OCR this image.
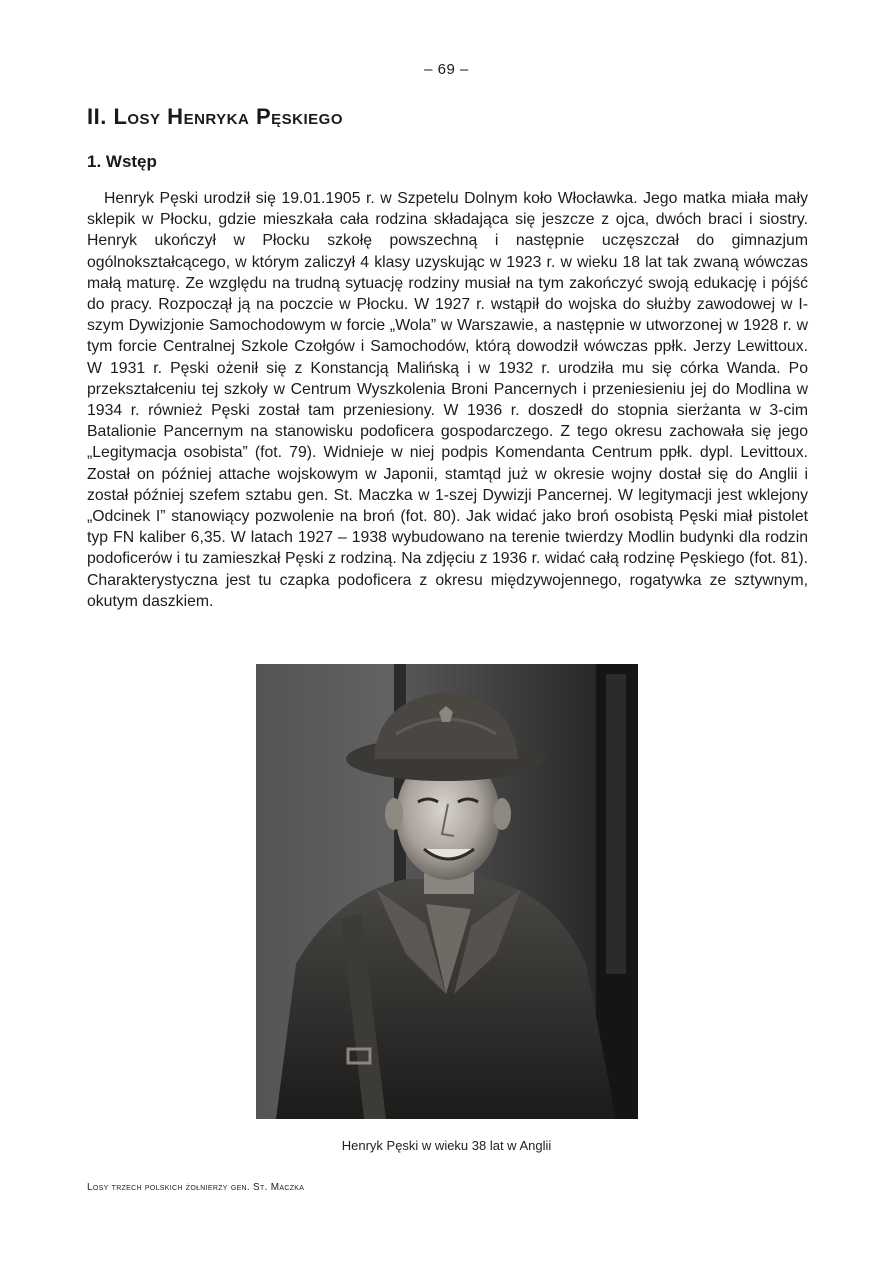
– 69 –
II. Losy Henryka Pęskiego
1. Wstęp

Henryk Pęski urodził się 19.01.1905 r. w Szpetelu Dolnym koło Włocławka. Jego matka miała mały sklepik w Płocku, gdzie mieszkała cała rodzina składająca się jeszcze z ojca, dwóch braci i siostry. Henryk ukończył w Płocku szkołę powszechną i następnie uczęszczał do gimnazjum ogólnokształcącego, w którym zaliczył 4 klasy uzyskując w 1923 r. w wieku 18 lat tak zwaną wówczas małą maturę. Ze względu na trudną sytuację rodziny musiał na tym zakończyć swoją edukację i pójść do pracy. Rozpoczął ją na poczcie w Płocku. W 1927 r. wstąpił do wojska do służby zawodowej w I-szym Dywizjonie Samochodowym w forcie „Wola” w Warszawie, a następnie w utworzonej w 1928 r. w tym forcie Centralnej Szkole Czołgów i Samochodów, którą dowodził wówczas ppłk. Jerzy Lewittoux. W 1931 r. Pęski ożenił się z Konstancją Malińską i w 1932 r. urodziła mu się córka Wanda. Po przekształceniu tej szkoły w Centrum Wyszkolenia Broni Pancernych i przeniesieniu jej do Modlina w 1934 r. również Pęski został tam przeniesiony. W 1936 r. doszedł do stopnia sierżanta w 3-cim Batalionie Pancernym na stanowisku podoficera gospodarczego. Z tego okresu zachowała się jego „Legitymacja osobista” (fot. 79). Widnieje w niej podpis Komendanta Centrum ppłk. dypl. Levittoux. Został on później attache wojskowym w Japonii, stamtąd już w okresie wojny dostał się do Anglii i został później szefem sztabu gen. St. Maczka w 1-szej Dywizji Pancernej. W legitymacji jest wklejony „Odcinek I” stanowiący pozwolenie na broń (fot. 80). Jak widać jako broń osobistą Pęski miał pistolet typ FN kaliber 6,35. W latach 1927 – 1938 wybudowano na terenie twierdzy Modlin budynki dla rodzin podoficerów i tu zamieszkał Pęski z rodziną. Na zdjęciu z 1936 r. widać całą rodzinę Pęskiego (fot. 81). Charakterystyczna jest tu czapka podoficera z okresu międzywojennego, rogatywka ze sztywnym, okutym daszkiem.

Henryk Pęski w wieku 38 lat w Anglii
Losy trzech polskich żołnierzy gen. St. Maczka
